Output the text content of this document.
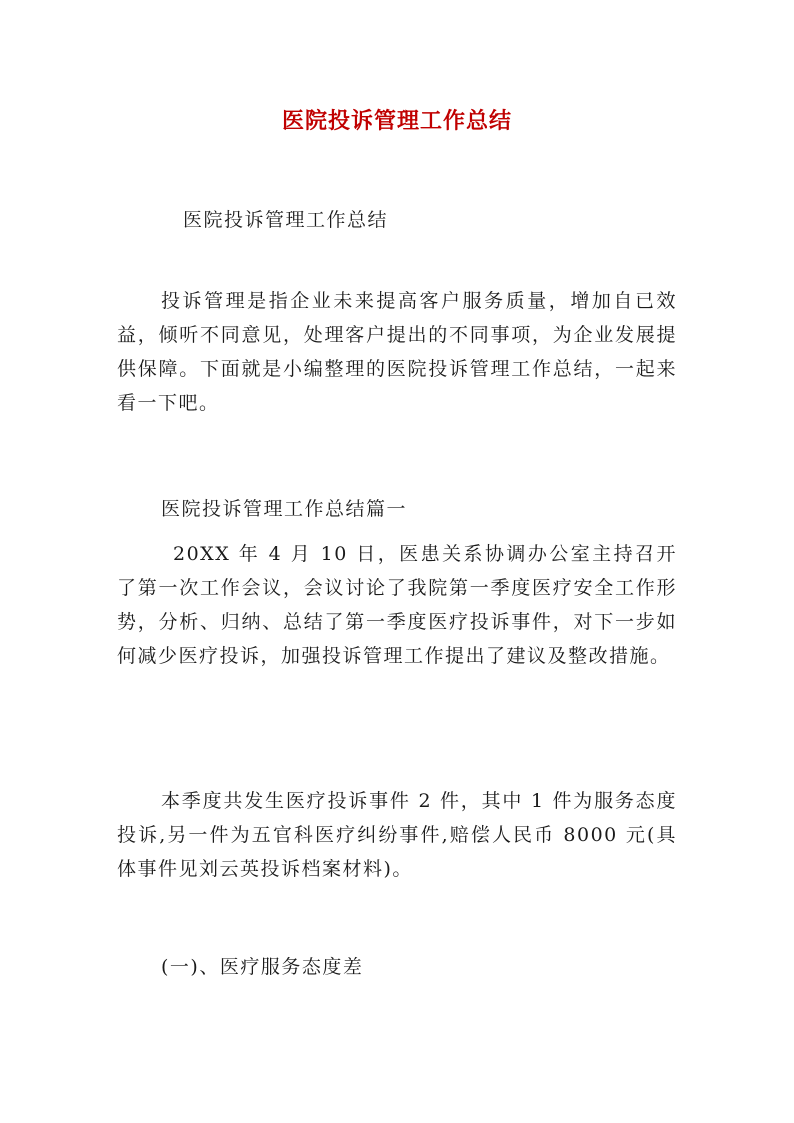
医院投诉管理工作总结
医院投诉管理工作总结
投诉管理是指企业未来提高客户服务质量，增加自已效益，倾听不同意见，处理客户提出的不同事项，为企业发展提供保障。下面就是小编整理的医院投诉管理工作总结，一起来看一下吧。
医院投诉管理工作总结篇一
20XX 年 4 月 10 日，医患关系协调办公室主持召开了第一次工作会议，会议讨论了我院第一季度医疗安全工作形势，分析、归纳、总结了第一季度医疗投诉事件，对下一步如何减少医疗投诉，加强投诉管理工作提出了建议及整改措施。
本季度共发生医疗投诉事件 2 件，其中 1 件为服务态度投诉,另一件为五官科医疗纠纷事件,赔偿人民币 8000 元(具体事件见刘云英投诉档案材料)。
(一)、医疗服务态度差
